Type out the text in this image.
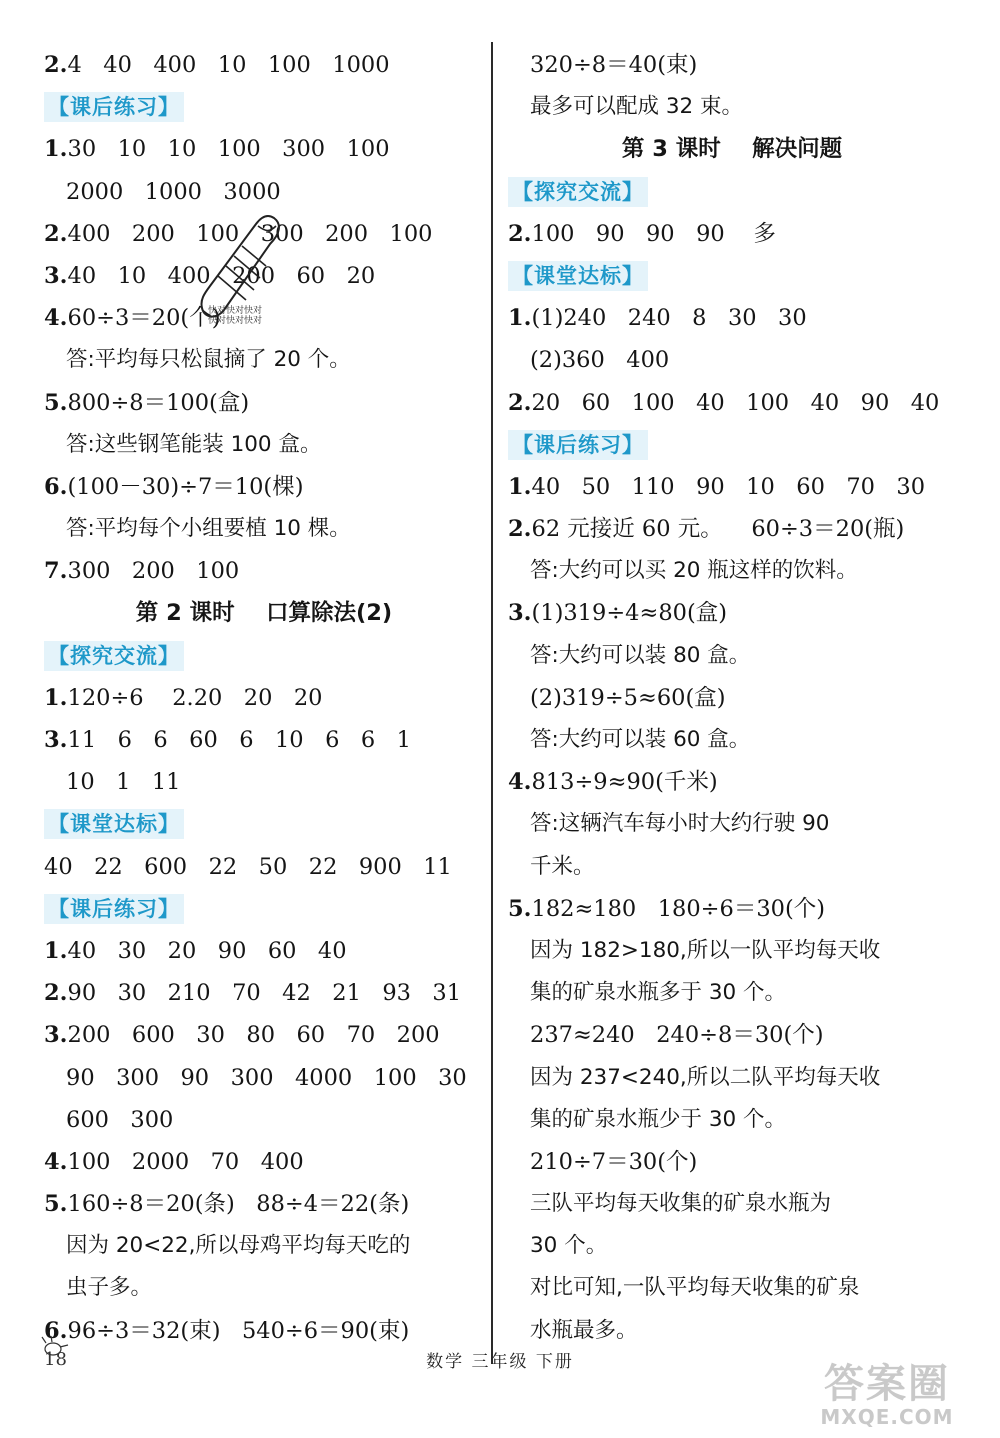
2.4   40   400   10   100   1000
【课后练习】
1.30   10   10   100   300   100
2000   1000   3000
2.400   200   100   300   200   100
3.40   10   400   200   60   20
4.60÷3＝20(个)
答:平均每只松鼠摘了 20 个。
5.800÷8＝100(盒)
答:这些钢笔能装 100 盒。
6.(100－30)÷7＝10(棵)
答:平均每个小组要植 10 棵。
7.300   200   100
第 2 课时    口算除法(2)
【探究交流】
1.120÷6    2.20   20   20
3.11   6   6   60   6   10   6   6   1
10   1   11
【课堂达标】
40   22   600   22   50   22   900   11
【课后练习】
1.40   30   20   90   60   40
2.90   30   210   70   42   21   93   31
3.200   600   30   80   60   70   200
90   300   90   300   4000   100   30
600   300
4.100   2000   70   400
5.160÷8＝20(条)   88÷4＝22(条)
因为 20<22,所以母鸡平均每天吃的
虫子多。
6.96÷3＝32(束)   540÷6＝90(束)
320÷8＝40(束)
最多可以配成 32 束。
第 3 课时    解决问题
【探究交流】
2.100   90   90   90    多
【课堂达标】
1.(1)240   240   8   30   30
(2)360   400
2.20   60   100   40   100   40   90   40
【课后练习】
1.40   50   110   90   10   60   70   30
2.62 元接近 60 元。    60÷3＝20(瓶)
答:大约可以买 20 瓶这样的饮料。
3.(1)319÷4≈80(盒)
答:大约可以装 80 盒。
(2)319÷5≈60(盒)
答:大约可以装 60 盒。
4.813÷9≈90(千米)
答:这辆汽车每小时大约行驶 90
千米。
5.182≈180   180÷6＝30(个)
因为 182>180,所以一队平均每天收
集的矿泉水瓶多于 30 个。
237≈240   240÷8＝30(个)
因为 237<240,所以二队平均每天收
集的矿泉水瓶少于 30 个。
210÷7＝30(个)
三队平均每天收集的矿泉水瓶为
30 个。
对比可知,一队平均每天收集的矿泉
水瓶最多。
快对快对快对
快对快对快对
18	数学 三年级 下册	答案圈
MXQE.COM
